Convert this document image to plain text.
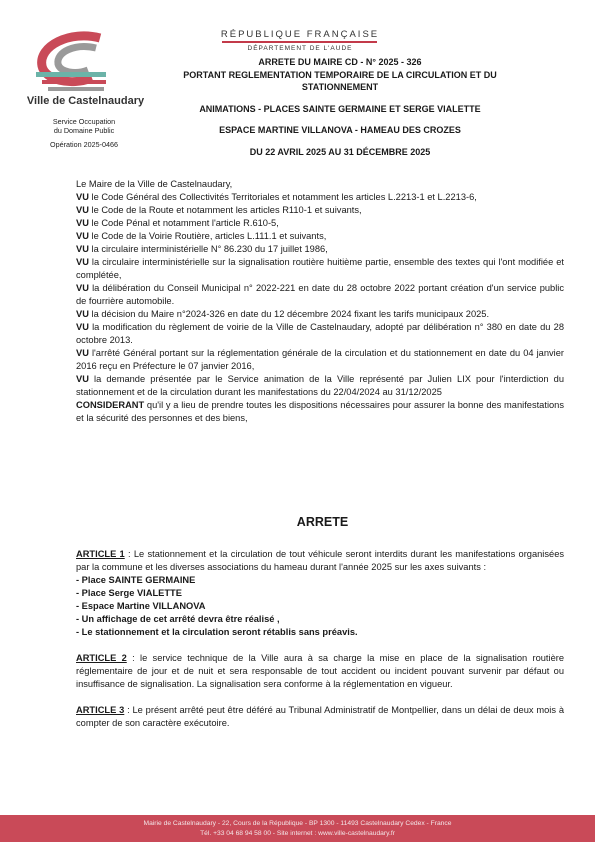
Ville de Castelnaudary
Service Occupation
du Domaine Public
Opération 2025-0466
RÉPUBLIQUE FRANÇAISE
DÉPARTEMENT DE L'AUDE

ARRETE DU MAIRE CD - N° 2025 - 326

PORTANT REGLEMENTATION TEMPORAIRE DE LA CIRCULATION ET DU

STATIONNEMENT

ANIMATIONS - PLACES SAINTE GERMAINE ET SERGE VIALETTE

ESPACE MARTINE VILLANOVA - HAMEAU DES CROZES

DU 22 AVRIL 2025 AU 31 DÉCEMBRE 2025

Le Maire de la Ville de Castelnaudary,

VU le Code Général des Collectivités Territoriales et notamment les articles L.2213-1 et L.2213-6,

VU le Code de la Route et notamment les articles R110-1 et suivants,

VU le Code Pénal et notamment l'article R.610-5,

VU le Code de la Voirie Routière, articles L.111.1 et suivants,

VU la circulaire interministérielle N° 86.230 du 17 juillet 1986,

VU la circulaire interministérielle sur la signalisation routière huitième partie, ensemble des textes qui l'ont modifiée et complétée,

VU la délibération du Conseil Municipal n° 2022-221 en date du 28 octobre 2022 portant création d'un service public de fourrière automobile.

VU la décision du Maire n°2024-326 en date du 12 décembre 2024 fixant les tarifs municipaux 2025.

VU la modification du règlement de voirie de la Ville de Castelnaudary, adopté par délibération n° 380 en date du 28 octobre 2013.

VU l'arrêté Général portant sur la réglementation générale de la circulation et du stationnement en date du 04 janvier 2016 reçu en Préfecture le 07 janvier 2016,

VU la demande présentée par le Service animation de la Ville représenté par Julien LIX pour l'interdiction du stationnement et de la circulation durant les manifestations du 22/04/2024 au 31/12/2025

CONSIDERANT qu'il y a lieu de prendre toutes les dispositions nécessaires pour assurer la bonne des manifestations et la sécurité des personnes et des biens,

ARRETE

ARTICLE 1 : Le stationnement et la circulation de tout véhicule seront interdits durant les manifestations organisées par la commune et les diverses associations du hameau durant l'année 2025 sur les axes suivants :

- Place SAINTE GERMAINE

- Place Serge VIALETTE

- Espace Martine VILLANOVA

- Un affichage de cet arrêté devra être réalisé ,

- Le stationnement et la circulation seront rétablis sans préavis.

ARTICLE 2 : le service technique de la Ville aura à sa charge la mise en place de la signalisation routière réglementaire de jour et de nuit et sera responsable de tout accident ou incident pouvant survenir par défaut ou insuffisance de signalisation. La signalisation sera conforme à la réglementation en vigueur.

ARTICLE 3 : Le présent arrêté peut être déféré au Tribunal Administratif de Montpellier, dans un délai de deux mois à compter de son caractère exécutoire.

Mairie de Castelnaudary - 22, Cours de la République - BP 1300 - 11493 Castelnaudary Cedex - France
Tél. +33 04 68 94 58 00 - Site internet : www.ville-castelnaudary.fr
